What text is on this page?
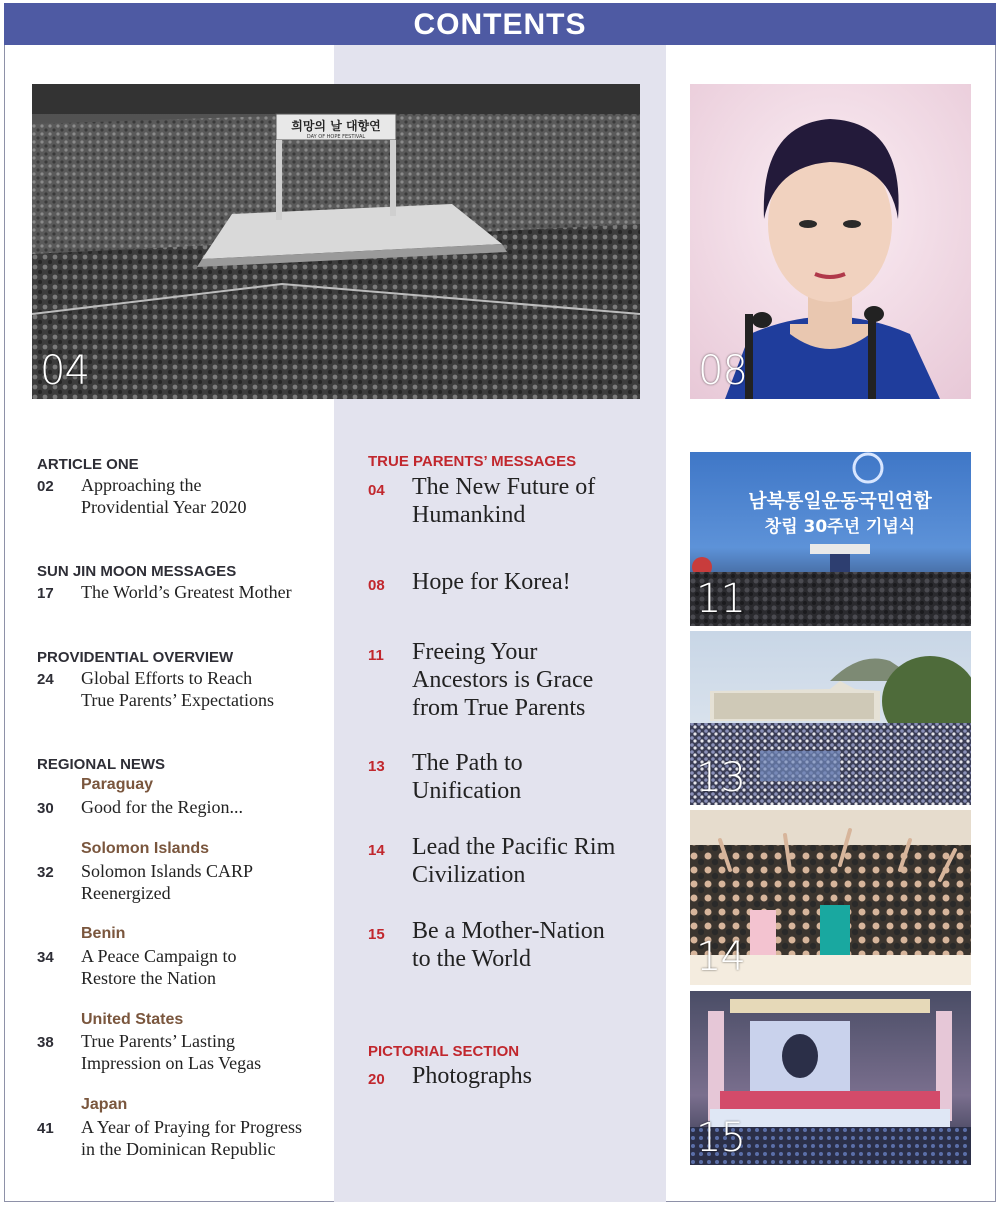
CONTENTS
희망의 날 대향연
DAY OF HOPE FESTIVAL
04	08
남북통일운동국민연합
창립 30주년 기념식
11
13
14
15
ARTICLE ONE
02 Approaching the
Providential Year 2020
SUN JIN MOON MESSAGES
17 The World’s Greatest Mother
PROVIDENTIAL OVERVIEW
24 Global Efforts to Reach
True Parents’ Expectations
REGIONAL NEWS
Paraguay
30 Good for the Region...
Solomon Islands
32 Solomon Islands CARP
Reenergized
Benin
34 A Peace Campaign to
Restore the Nation
United States
38 True Parents’ Lasting
Impression on Las Vegas
Japan
41 A Year of Praying for Progress
in the Dominican Republic
TRUE PARENTS’ MESSAGES
04 The New Future of
Humankind
08 Hope for Korea!
11 Freeing Your
Ancestors is Grace
from True Parents
13 The Path to
Unification
14 Lead the Pacific Rim
Civilization
15 Be a Mother-Nation
to the World
PICTORIAL SECTION
20 Photographs
